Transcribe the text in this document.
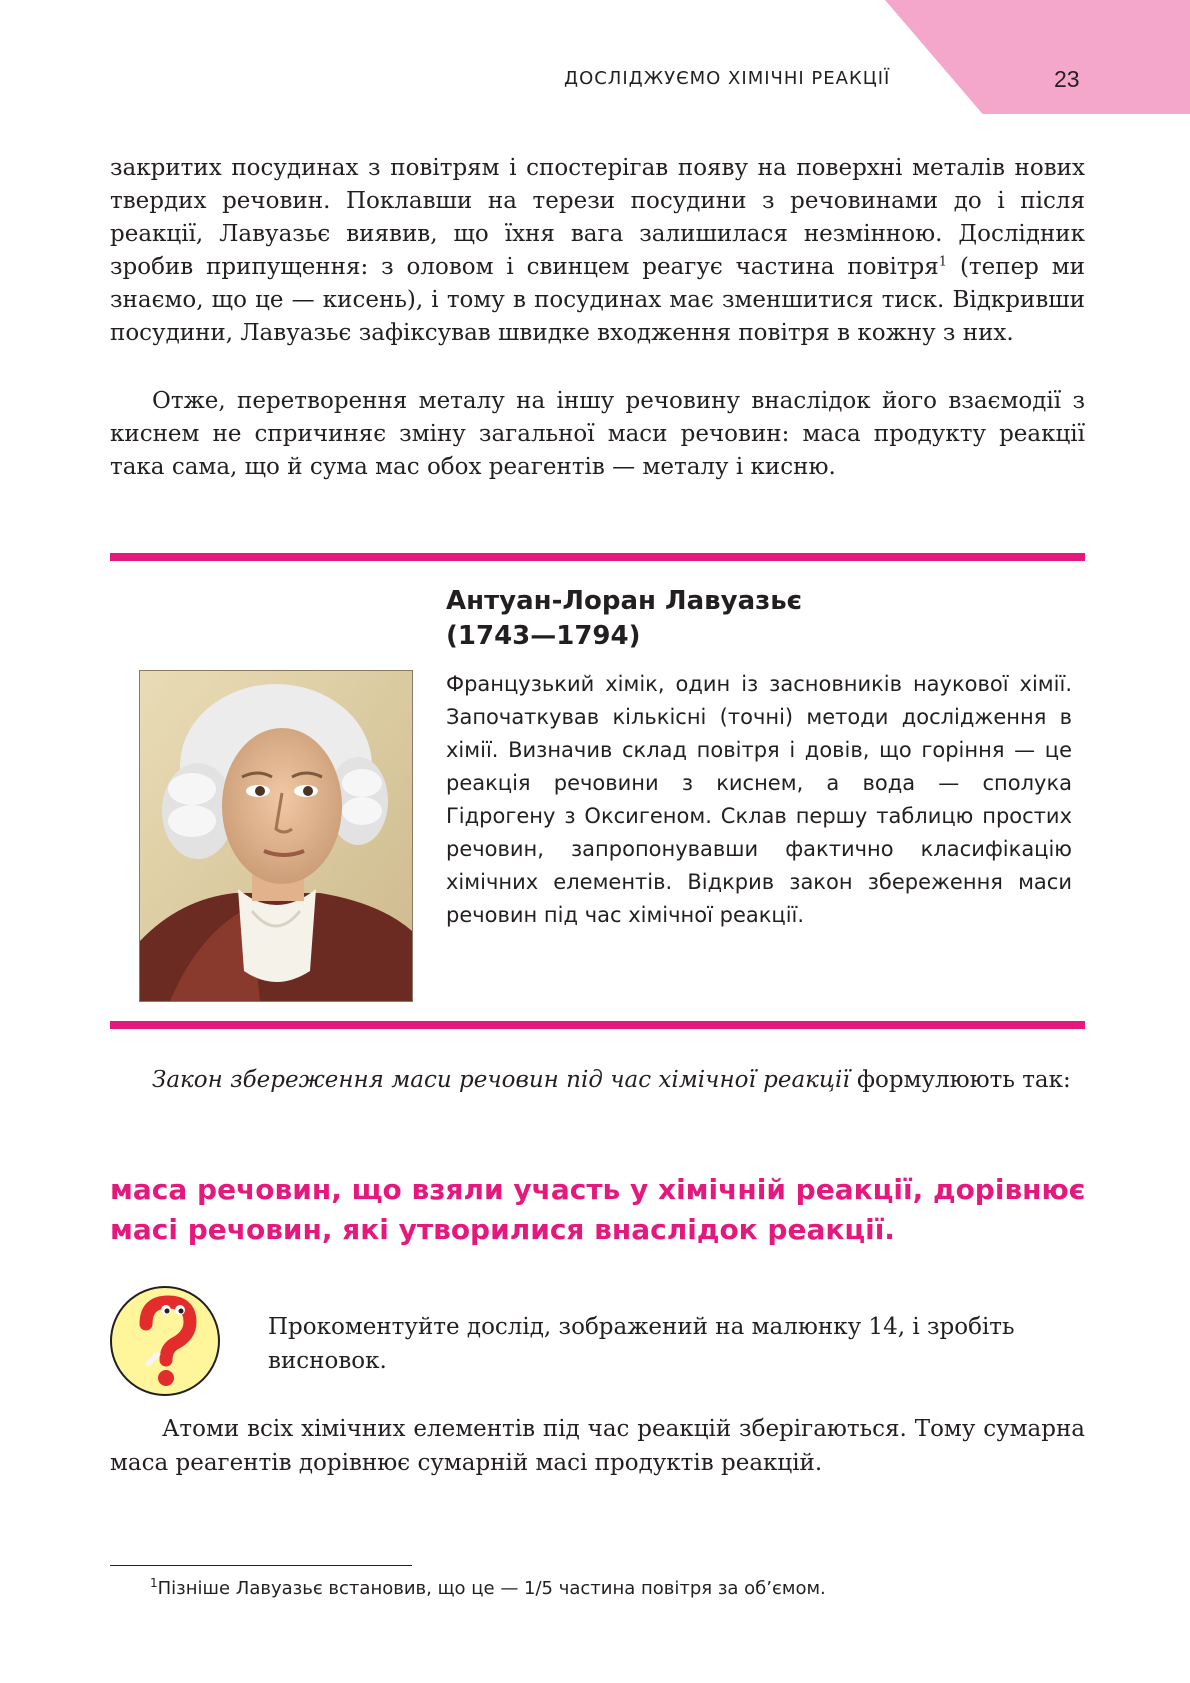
ДОСЛІДЖУЄМО ХІМІЧНІ РЕАКЦІЇ	23

закритих посудинах з повітрям і спостерігав появу на поверхні металів нових твердих речовин. Поклавши на терези посудини з речовинами до і після реакції, Лавуазьє виявив, що їхня вага залишилася незмінною. Дослідник зробив припущення: з оловом і свинцем реагує частина повітря$^1$ (тепер ми знаємо, що це — кисень), і тому в посудинах має зменшитися тиск. Відкривши посудини, Лавуазьє зафіксував швидке входження повітря в кожну з них.

Отже, перетворення металу на іншу речовину внаслідок його взаємодії з киснем не спричиняє зміну загальної маси речовин: маса продукту реакції така сама, що й сума мас обох реагентів — металу і кисню.

Антуан-Лоран Лавуазьє
(1743—1794)

Французький хімік, один із засновників наукової хімії. Започаткував кількісні (точні) методи дослідження в хімії. Визначив склад повітря і довів, що горіння — це реакція речовини з киснем, а вода — сполука Гідрогену з Оксигеном. Склав першу таблицю простих речовин, запропонувавши фактично класифікацію хімічних елементів. Відкрив закон збереження маси речовин під час хімічної реакції.

Закон збереження маси речовин під час хімічної реакції формулюють так:

маса речовин, що взяли участь у хімічній реакції, дорівнює
масі речовин, які утворилися внаслідок реакції.

Прокоментуйте дослід, зображений на малюнку 14, і зробіть висновок.

Атоми всіх хімічних елементів під час реакцій зберігаються. Тому сумарна маса реагентів дорівнює сумарній масі продуктів реакцій.

$^1$Пізніше Лавуазьє встановив, що це — 1/5 частина повітря за об’ємом.
